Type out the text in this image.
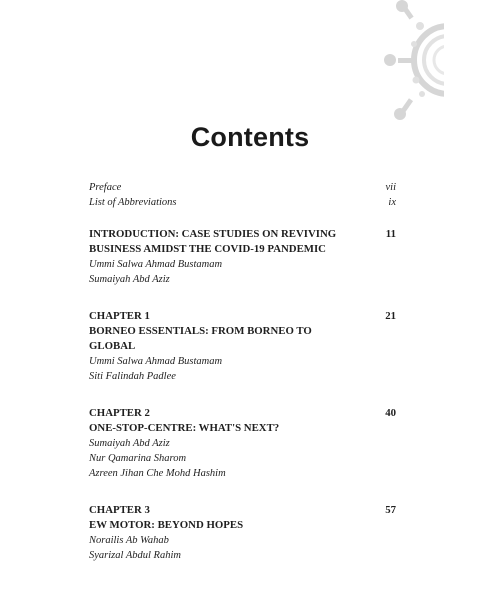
Contents
Preface	vii
List of Abbreviations	ix
INTRODUCTION: CASE STUDIES ON REVIVING	11
BUSINESS AMIDST THE COVID-19 PANDEMIC
Ummi Salwa Ahmad Bustamam
Sumaiyah Abd Aziz
CHAPTER 1	21
BORNEO ESSENTIALS: FROM BORNEO TO
GLOBAL
Ummi Salwa Ahmad Bustamam
Siti Falindah Padlee
CHAPTER 2	40
ONE-STOP-CENTRE: WHAT'S NEXT?
Sumaiyah Abd Aziz
Nur Qamarina Sharom
Azreen Jihan Che Mohd Hashim
CHAPTER 3	57
EW MOTOR: BEYOND HOPES
Norailis Ab Wahab
Syarizal Abdul Rahim
